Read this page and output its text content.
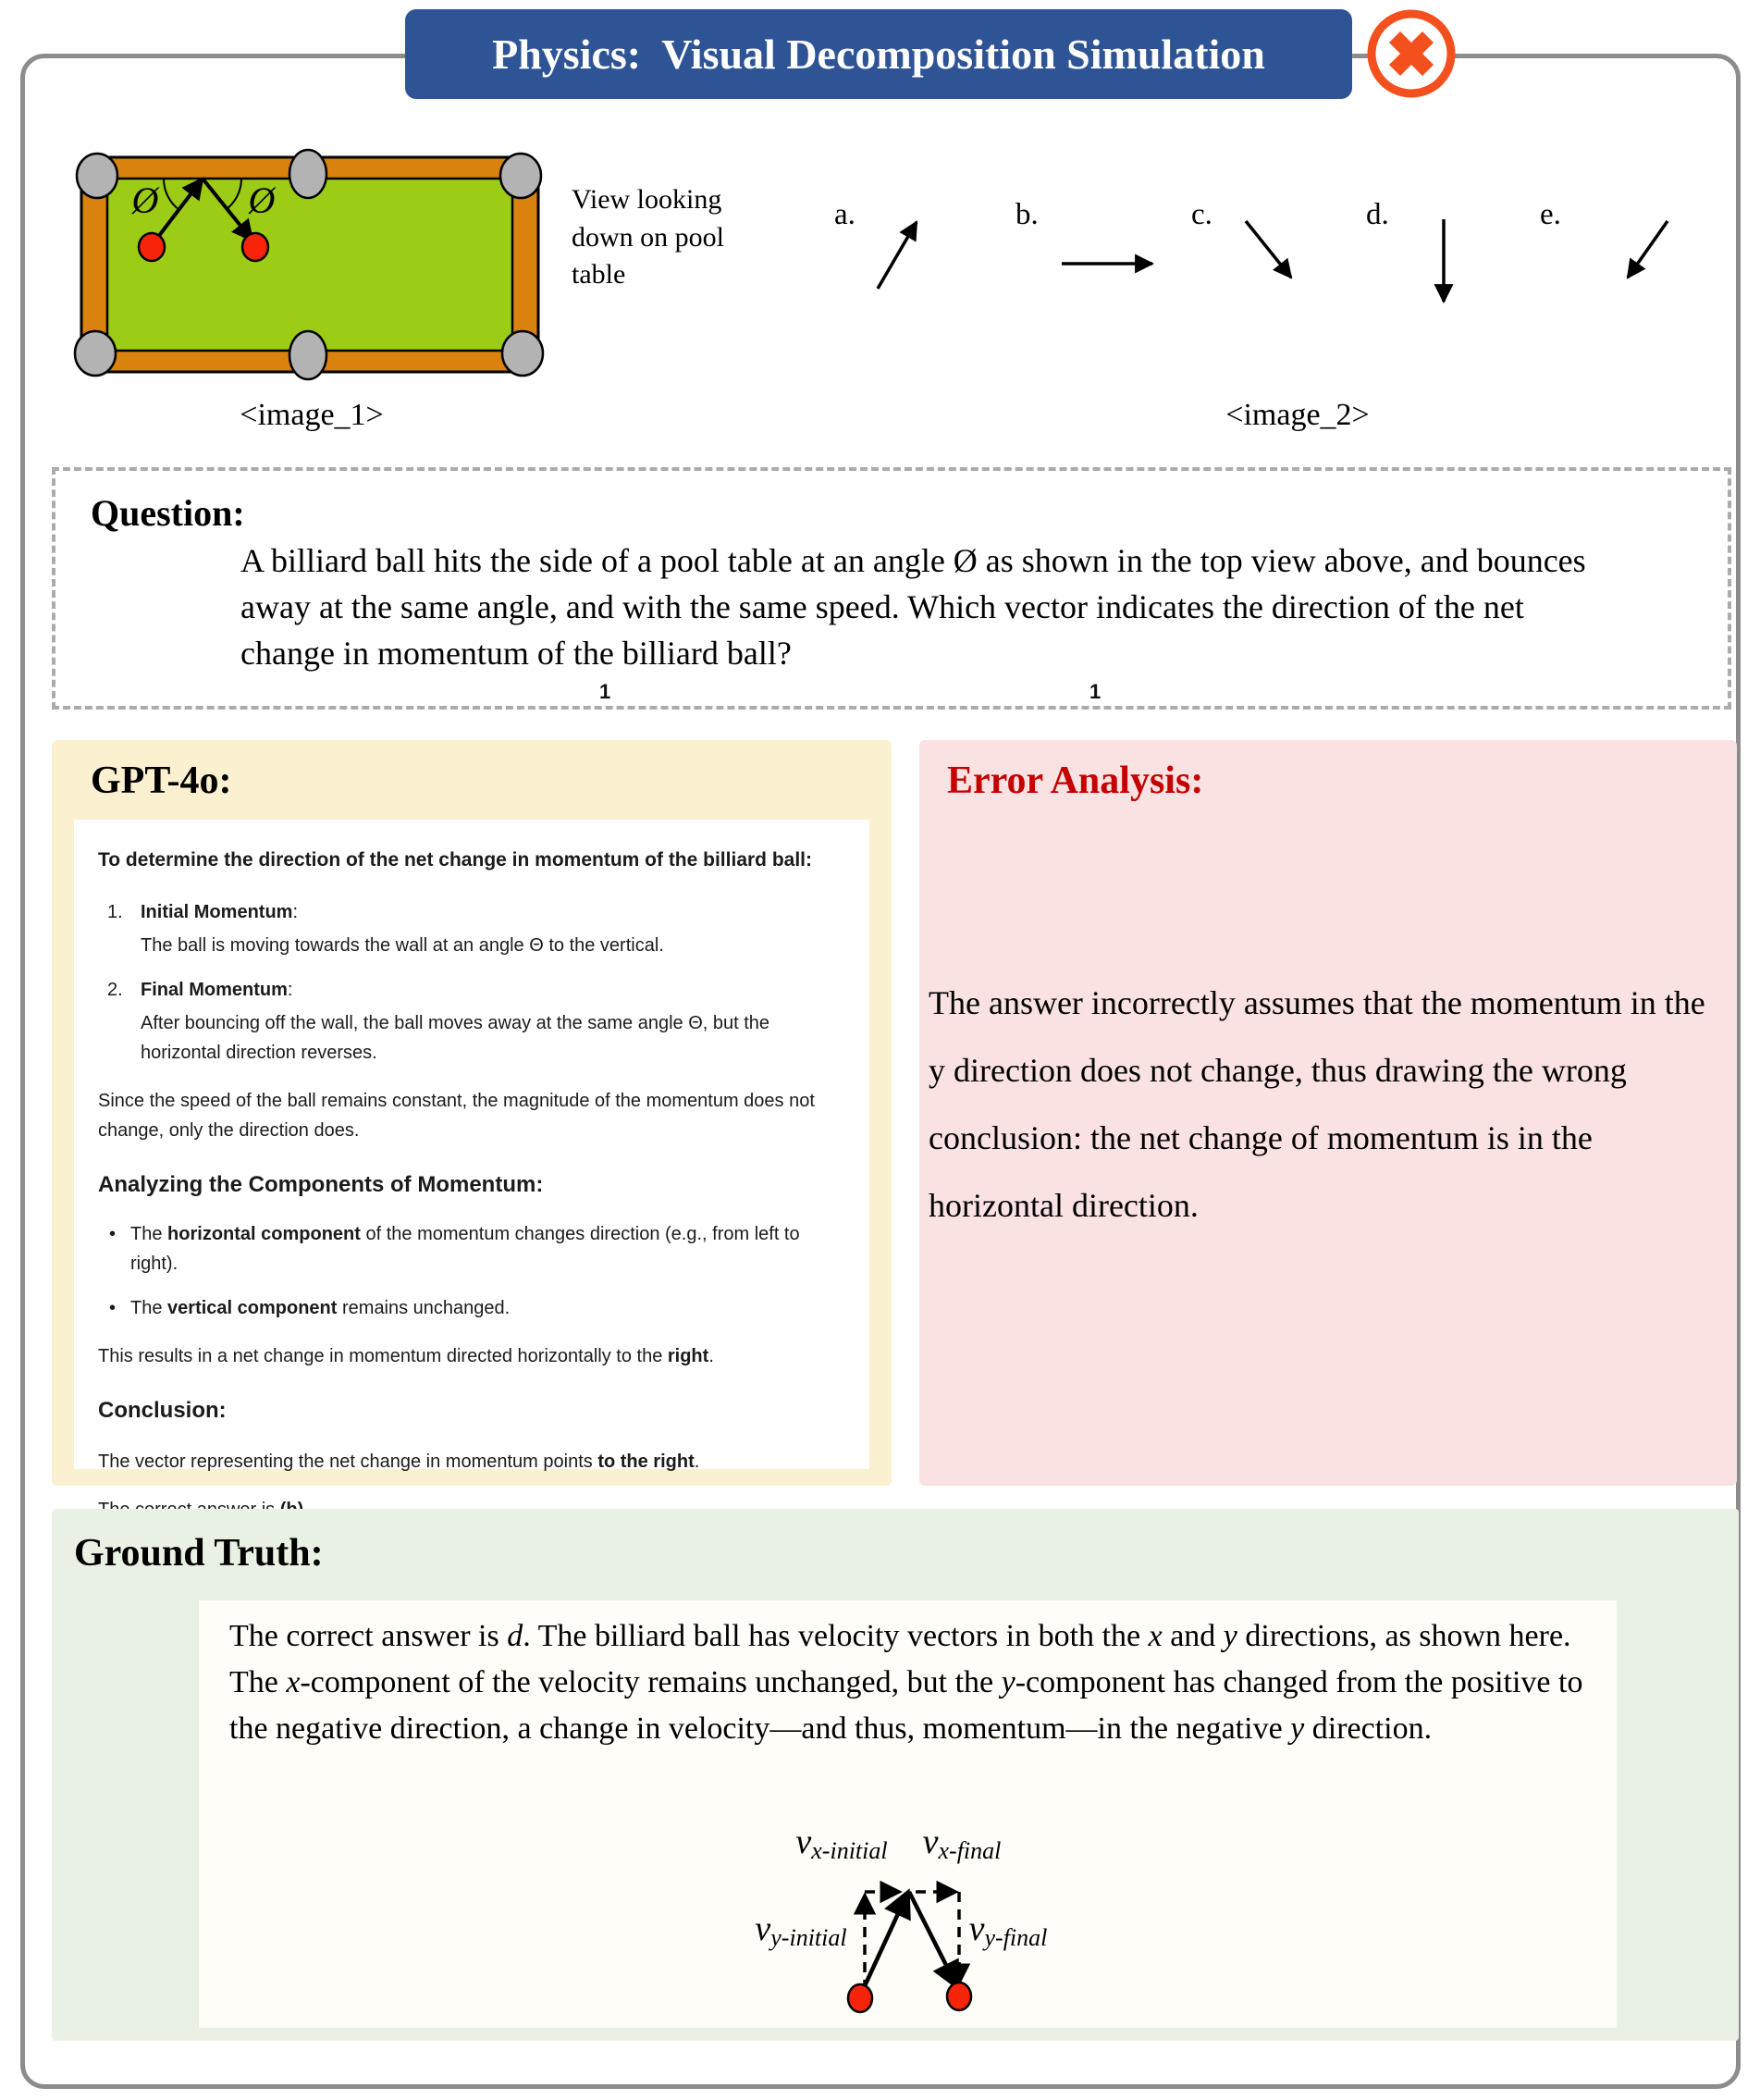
Physics:  Visual Decomposition Simulation
Ø Ø	View looking down on pool table
<image_1>
a.	b.	c.	d.	e.
<image_2>
Question:
A billiard ball hits the side of a pool table at an angle Ø as shown in the top view above, and bounces away at the same angle, and with the same speed. Which vector indicates the direction of the net change in momentum of the billiard ball?
1	1
GPT-4o:

To determine the direction of the net change in momentum of the billiard ball:

1. Initial Momentum:
The ball is moving towards the wall at an angle Θ to the vertical.
2. Final Momentum:
After bouncing off the wall, the ball moves away at the same angle Θ, but the horizontal direction reverses.

Since the speed of the ball remains constant, the magnitude of the momentum does not change, only the direction does.

Analyzing the Components of Momentum:
• The horizontal component of the momentum changes direction (e.g., from left to right).
• The vertical component remains unchanged.

This results in a net change in momentum directed horizontally to the right.

Conclusion:

The vector representing the net change in momentum points to the right.

Error Analysis:
The answer incorrectly assumes that the momentum in the y direction does not change, thus drawing the wrong conclusion: the net change of momentum is in the horizontal direction.
Ground Truth:
The correct answer is d. The billiard ball has velocity vectors in both the x and y directions, as shown here. The x-component of the velocity remains unchanged, but the y-component has changed from the positive to the negative direction, a change in velocity—and thus, momentum—in the negative y direction.
vx-initial vx-final
vy-initial	vy-final
